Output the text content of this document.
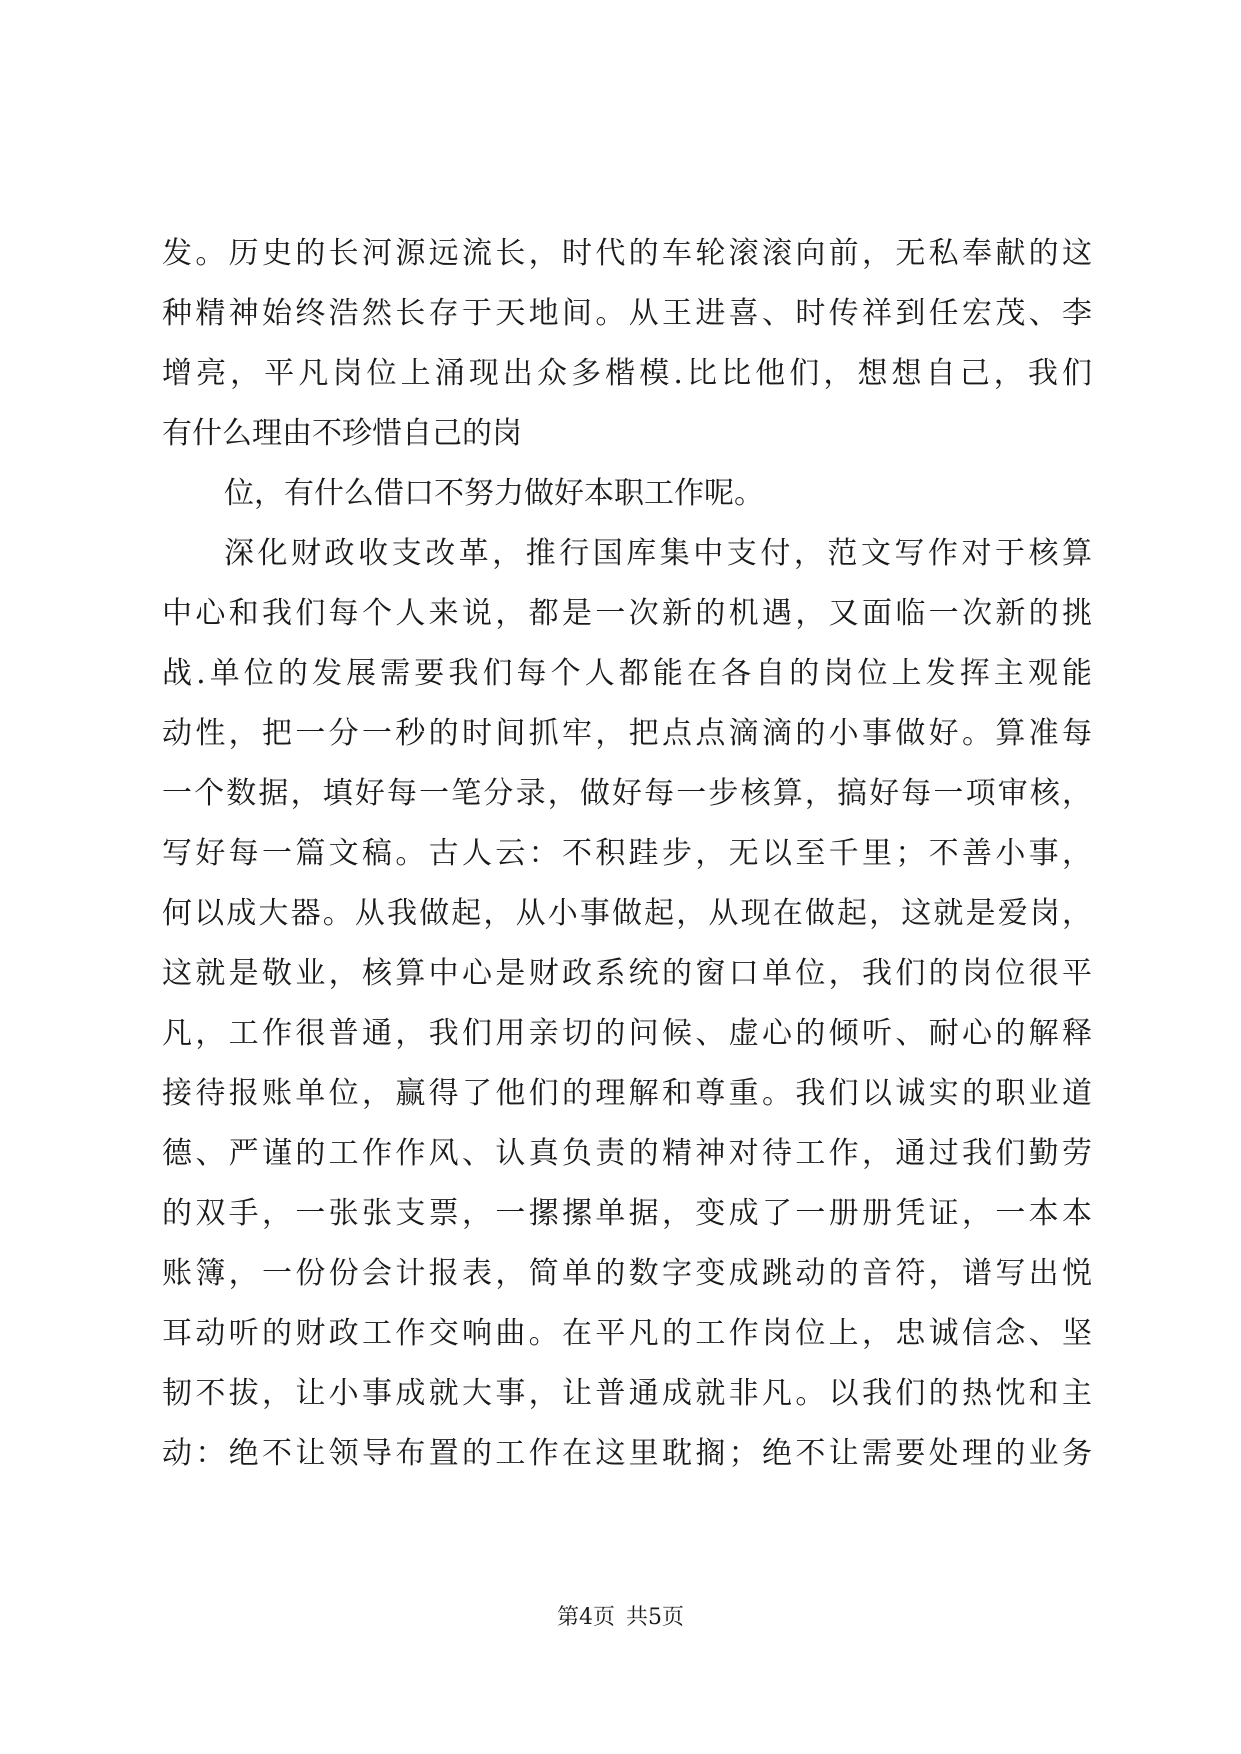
发。历史的长河源远流长，时代的车轮滚滚向前，无私奉献的这
种精神始终浩然长存于天地间。从王进喜、时传祥到任宏茂、李
增亮，平凡岗位上涌现出众多楷模.比比他们，想想自己，我们
有什么理由不珍惜自己的岗
位，有什么借口不努力做好本职工作呢。
深化财政收支改革，推行国库集中支付，范文写作对于核算
中心和我们每个人来说，都是一次新的机遇，又面临一次新的挑
战.单位的发展需要我们每个人都能在各自的岗位上发挥主观能
动性，把一分一秒的时间抓牢，把点点滴滴的小事做好。算准每
一个数据，填好每一笔分录，做好每一步核算，搞好每一项审核，
写好每一篇文稿。古人云：不积跬步，无以至千里；不善小事，
何以成大器。从我做起，从小事做起，从现在做起，这就是爱岗，
这就是敬业，核算中心是财政系统的窗口单位，我们的岗位很平
凡，工作很普通，我们用亲切的问候、虚心的倾听、耐心的解释
接待报账单位，赢得了他们的理解和尊重。我们以诚实的职业道
德、严谨的工作作风、认真负责的精神对待工作，通过我们勤劳
的双手，一张张支票，一摞摞单据，变成了一册册凭证，一本本
账簿，一份份会计报表，简单的数字变成跳动的音符，谱写出悦
耳动听的财政工作交响曲。在平凡的工作岗位上，忠诚信念、坚
韧不拔，让小事成就大事，让普通成就非凡。以我们的热忱和主
动：绝不让领导布置的工作在这里耽搁；绝不让需要处理的业务
第4页 共5页
